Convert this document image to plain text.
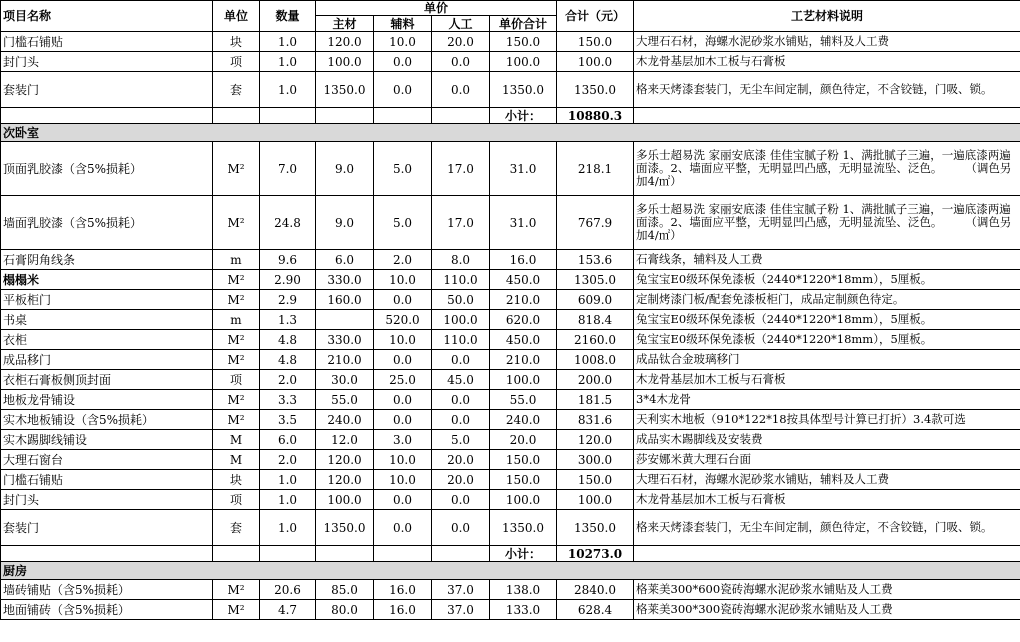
项目名称	单位	数量	单价				合计（元）	工艺材料说明
			主材	辅料	人工	单价合计		
门槛石铺贴	块	1.0	120.0	10.0	20.0	150.0	150.0	大理石石材，海螺水泥砂浆水铺贴，辅料及人工费
封门头	项	1.0	100.0	0.0	0.0	100.0	100.0	木龙骨基层加木工板与石膏板
套装门	套	1.0	1350.0	0.0	0.0	1350.0	1350.0	格来天烤漆套装门，无尘车间定制，颜色待定，不含铰链，门吸、锁。
						小计：	10880.3	
次卧室								
顶面乳胶漆（含5%损耗）	M²	7.0	9.0	5.0	17.0	31.0	218.1	多乐士超易洗 家丽安底漆 佳佳宝腻子粉 1、满批腻子三遍，一遍底漆两遍面漆。2、墙面应平整，无明显凹凸感，无明显流坠、泛色。　　　（调色另加4/㎡）
墙面乳胶漆（含5%损耗）	M²	24.8	9.0	5.0	17.0	31.0	767.9	多乐士超易洗 家丽安底漆 佳佳宝腻子粉 1、满批腻子三遍，一遍底漆两遍面漆。2、墙面应平整，无明显凹凸感，无明显流坠、泛色。　　　（调色另加4/㎡）
石膏阴角线条	m	9.6	6.0	2.0	8.0	16.0	153.6	石膏线条，辅料及人工费
榻榻米	M²	2.90	330.0	10.0	110.0	450.0	1305.0	兔宝宝E0级环保免漆板（2440*1220*18mm），5厘板。
平板柜门	M²	2.9	160.0	0.0	50.0	210.0	609.0	定制烤漆门板/配套免漆板柜门，成品定制颜色待定。
书桌	m	1.3		520.0	100.0	620.0	818.4	兔宝宝E0级环保免漆板（2440*1220*18mm），5厘板。
衣柜	M²	4.8	330.0	10.0	110.0	450.0	2160.0	兔宝宝E0级环保免漆板（2440*1220*18mm），5厘板。
成品移门	M²	4.8	210.0	0.0	0.0	210.0	1008.0	成品钛合金玻璃移门
衣柜石膏板侧顶封面	项	2.0	30.0	25.0	45.0	100.0	200.0	木龙骨基层加木工板与石膏板
地板龙骨铺设	M²	3.3	55.0	0.0	0.0	55.0	181.5	3*4木龙骨
实木地板铺设（含5%损耗）	M²	3.5	240.0	0.0	0.0	240.0	831.6	天利实木地板（910*122*18按具体型号计算已打折）3.4款可选
实木踢脚线铺设	M	6.0	12.0	3.0	5.0	20.0	120.0	成品实木踢脚线及安装费
大理石窗台	M	2.0	120.0	10.0	20.0	150.0	300.0	莎安娜米黄大理石台面
门槛石铺贴	块	1.0	120.0	10.0	20.0	150.0	150.0	大理石石材，海螺水泥砂浆水铺贴，辅料及人工费
封门头	项	1.0	100.0	0.0	0.0	100.0	100.0	木龙骨基层加木工板与石膏板
套装门	套	1.0	1350.0	0.0	0.0	1350.0	1350.0	格来天烤漆套装门，无尘车间定制，颜色待定，不含铰链，门吸、锁。
						小计：	10273.0	
厨房								
墙砖铺贴（含5%损耗）	M²	20.6	85.0	16.0	37.0	138.0	2840.0	格莱美300*600瓷砖海螺水泥砂浆水铺贴及人工费
地面铺砖（含5%损耗）	M²	4.7	80.0	16.0	37.0	133.0	628.4	格莱美300*300瓷砖海螺水泥砂浆水铺贴及人工费
